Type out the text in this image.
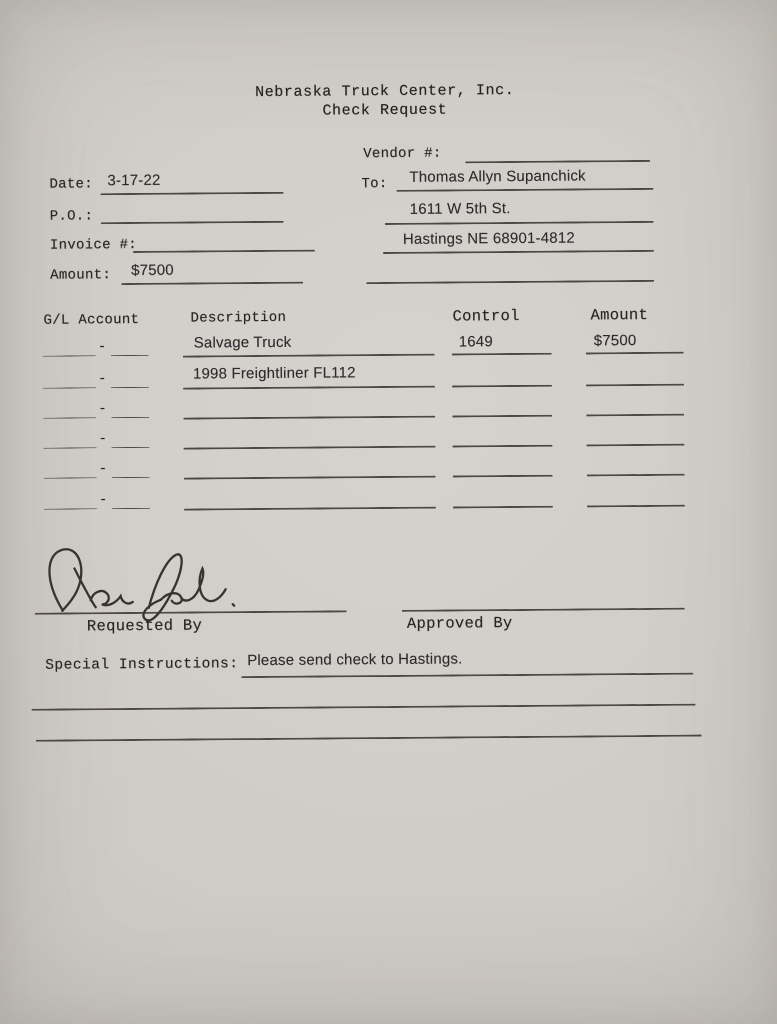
Nebraska Truck Center, Inc.
Check Request
Vendor #:
Date: 3-17-22	To: Thomas Allyn Supanchick
P.O.:	1611 W 5th St.
Invoice #:	Hastings NE 68901-4812
Amount: $7500
G/L Account	Description	Control	Amount
-	Salvage Truck	1649	$7500
-	1998 Freightliner FL112
-
-
-
-
Requested By	Approved By
Special Instructions: Please send check to Hastings.
